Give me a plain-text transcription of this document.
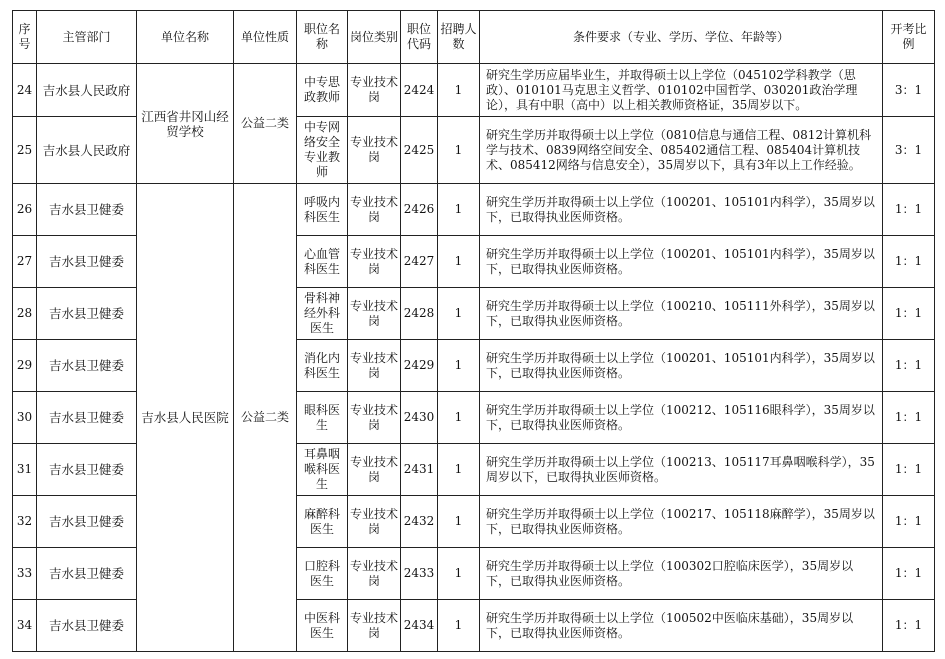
序号	主管部门	单位名称	单位性质	职位名称	岗位类别	职位代码	招聘人数	条件要求（专业、学历、学位、年龄等）	开考比例
24	吉水县人民政府	江西省井冈山经贸学校	公益二类	中专思政教师	专业技术岗	2424	1	研究生学历应届毕业生，并取得硕士以上学位（045102学科教学（思政）、010101马克思主义哲学、010102中国哲学、030201政治学理论），具有中职（高中）以上相关教师资格证，35周岁以下。	3：1
25	吉水县人民政府			中专网络安全专业教师	专业技术岗	2425	1	研究生学历并取得硕士以上学位（0810信息与通信工程、0812计算机科学与技术、0839网络空间安全、085402通信工程、085404计算机技术、085412网络与信息安全），35周岁以下，具有3年以上工作经验。	3：1
26	吉水县卫健委	吉水县人民医院	公益二类	呼吸内科医生	专业技术岗	2426	1	研究生学历并取得硕士以上学位（100201、105101内科学），35周岁以下，已取得执业医师资格。	1：1
27	吉水县卫健委			心血管科医生	专业技术岗	2427	1	研究生学历并取得硕士以上学位（100201、105101内科学），35周岁以下，已取得执业医师资格。	1：1
28	吉水县卫健委			骨科神经外科医生	专业技术岗	2428	1	研究生学历并取得硕士以上学位（100210、105111外科学），35周岁以下，已取得执业医师资格。	1：1
29	吉水县卫健委			消化内科医生	专业技术岗	2429	1	研究生学历并取得硕士以上学位（100201、105101内科学），35周岁以下，已取得执业医师资格。	1：1
30	吉水县卫健委			眼科医生	专业技术岗	2430	1	研究生学历并取得硕士以上学位（100212、105116眼科学），35周岁以下，已取得执业医师资格。	1：1
31	吉水县卫健委			耳鼻咽喉科医生	专业技术岗	2431	1	研究生学历并取得硕士以上学位（100213、105117耳鼻咽喉科学），35周岁以下，已取得执业医师资格。	1：1
32	吉水县卫健委			麻醉科医生	专业技术岗	2432	1	研究生学历并取得硕士以上学位（100217、105118麻醉学），35周岁以下，已取得执业医师资格。	1：1
33	吉水县卫健委			口腔科医生	专业技术岗	2433	1	研究生学历并取得硕士以上学位（100302口腔临床医学），35周岁以下，已取得执业医师资格。	1：1
34	吉水县卫健委			中医科医生	专业技术岗	2434	1	研究生学历并取得硕士以上学位（100502中医临床基础），35周岁以下，已取得执业医师资格。	1：1
